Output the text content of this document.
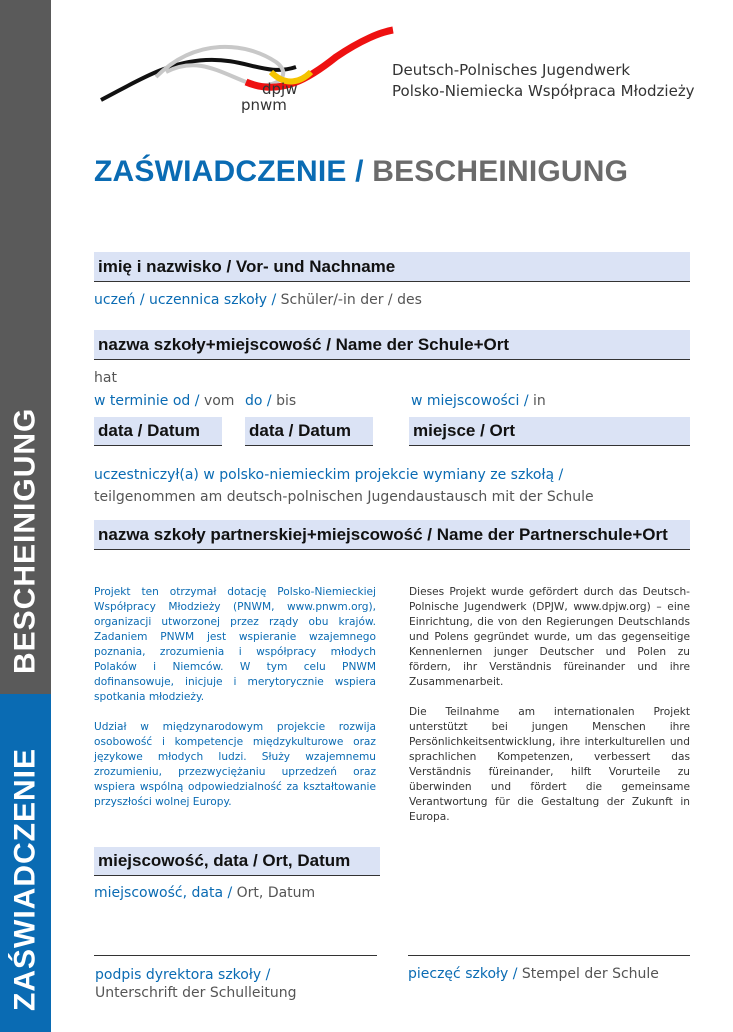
BESCHEINIGUNG
ZAŚWIADCZENIE
dpjw
pnwm
Deutsch-Polnisches Jugendwerk
Polsko-Niemiecka Współpraca Młodzieży
ZAŚWIADCZENIE / BESCHEINIGUNG
imię i nazwisko / Vor- und Nachname
uczeń / uczennica szkoły / Schüler/-in der / des
nazwa szkoły+miejscowość / Name der Schule+Ort
hat
w terminie od / vom do / bis	w miejscowości / in
data / Datum	data / Datum	miejsce / Ort
uczestniczył(a) w polsko-niemieckim projekcie wymiany ze szkołą /
teilgenommen am deutsch-polnischen Jugendaustausch mit der Schule
nazwa szkoły partnerskiej+miejscowość / Name der Partnerschule+Ort

Projekt ten otrzymał dotację Polsko-Niemieckiej Współpracy Młodzieży (PNWM, www.pnwm.org), organizacji utworzonej przez rządy obu krajów. Zadaniem PNWM jest wspieranie wzajemnego poznania, zrozumienia i współpracy młodych Polaków i Niemców. W tym celu PNWM dofinansowuje, inicjuje i merytorycznie wspiera spotkania młodzieży.

Udział w międzynarodowym projekcie rozwija osobowość i kompetencje międzykulturowe oraz językowe młodych ludzi. Służy wzajemnemu zrozumieniu, przezwyciężaniu uprzedzeń oraz wspiera wspólną odpowiedzialność za kształtowanie przyszłości wolnej Europy.

Dieses Projekt wurde gefördert durch das Deutsch-Polnische Jugendwerk (DPJW, www.dpjw.org) – eine Einrichtung, die von den Regierungen Deutschlands und Polens gegründet wurde, um das gegenseitige Kennenlernen junger Deutscher und Polen zu fördern, ihr Verständnis füreinander und ihre Zusammenarbeit.

Die Teilnahme am internationalen Projekt unterstützt bei jungen Menschen ihre Persönlichkeitsentwicklung, ihre interkulturellen und sprachlichen Kompetenzen, verbessert das Verständnis füreinander, hilft Vorurteile zu überwinden und fördert die gemeinsame Verantwortung für die Gestaltung der Zukunft in Europa.

miejscowość, data / Ort, Datum
miejscowość, data / Ort, Datum
podpis dyrektora szkoły /
Unterschrift der Schulleitung
pieczęć szkoły / Stempel der Schule
